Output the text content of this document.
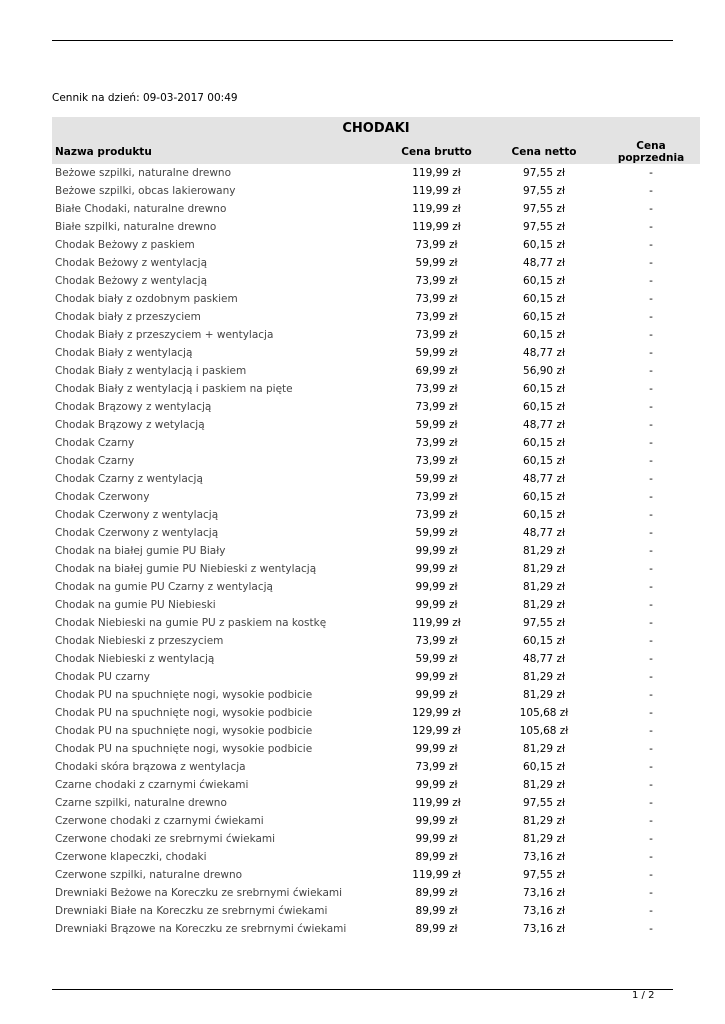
Cennik na dzień: 09-03-2017 00:49
CHODAKI
Nazwa produktu	Cena brutto	Cena netto	Cena poprzednia
Beżowe szpilki, naturalne drewno	119,99 zł	97,55 zł	-
Beżowe szpilki, obcas lakierowany	119,99 zł	97,55 zł	-
Białe Chodaki, naturalne drewno	119,99 zł	97,55 zł	-
Białe szpilki, naturalne drewno	119,99 zł	97,55 zł	-
Chodak Beżowy z paskiem	73,99 zł	60,15 zł	-
Chodak Beżowy z wentylacją	59,99 zł	48,77 zł	-
Chodak Beżowy z wentylacją	73,99 zł	60,15 zł	-
Chodak biały z ozdobnym paskiem	73,99 zł	60,15 zł	-
Chodak biały z przeszyciem	73,99 zł	60,15 zł	-
Chodak Biały z przeszyciem + wentylacja	73,99 zł	60,15 zł	-
Chodak Biały z wentylacją	59,99 zł	48,77 zł	-
Chodak Biały z wentylacją i paskiem	69,99 zł	56,90 zł	-
Chodak Biały z wentylacją i paskiem na pięte	73,99 zł	60,15 zł	-
Chodak Brązowy z wentylacją	73,99 zł	60,15 zł	-
Chodak Brązowy z wetylacją	59,99 zł	48,77 zł	-
Chodak Czarny	73,99 zł	60,15 zł	-
Chodak Czarny	73,99 zł	60,15 zł	-
Chodak Czarny z wentylacją	59,99 zł	48,77 zł	-
Chodak Czerwony	73,99 zł	60,15 zł	-
Chodak Czerwony z wentylacją	73,99 zł	60,15 zł	-
Chodak Czerwony z wentylacją	59,99 zł	48,77 zł	-
Chodak na białej gumie PU Biały	99,99 zł	81,29 zł	-
Chodak na białej gumie PU Niebieski z wentylacją	99,99 zł	81,29 zł	-
Chodak na gumie PU Czarny z wentylacją	99,99 zł	81,29 zł	-
Chodak na gumie PU Niebieski	99,99 zł	81,29 zł	-
Chodak Niebieski na gumie PU z paskiem na kostkę	119,99 zł	97,55 zł	-
Chodak Niebieski z przeszyciem	73,99 zł	60,15 zł	-
Chodak Niebieski z wentylacją	59,99 zł	48,77 zł	-
Chodak PU czarny	99,99 zł	81,29 zł	-
Chodak PU na spuchnięte nogi, wysokie podbicie	99,99 zł	81,29 zł	-
Chodak PU na spuchnięte nogi, wysokie podbicie	129,99 zł	105,68 zł	-
Chodak PU na spuchnięte nogi, wysokie podbicie	129,99 zł	105,68 zł	-
Chodak PU na spuchnięte nogi, wysokie podbicie	99,99 zł	81,29 zł	-
Chodaki skóra brązowa z wentylacja	73,99 zł	60,15 zł	-
Czarne chodaki z czarnymi ćwiekami	99,99 zł	81,29 zł	-
Czarne szpilki, naturalne drewno	119,99 zł	97,55 zł	-
Czerwone chodaki z czarnymi ćwiekami	99,99 zł	81,29 zł	-
Czerwone chodaki ze srebrnymi ćwiekami	99,99 zł	81,29 zł	-
Czerwone klapeczki, chodaki	89,99 zł	73,16 zł	-
Czerwone szpilki, naturalne drewno	119,99 zł	97,55 zł	-
Drewniaki Beżowe na Koreczku ze srebrnymi ćwiekami	89,99 zł	73,16 zł	-
Drewniaki Białe na Koreczku ze srebrnymi ćwiekami	89,99 zł	73,16 zł	-
Drewniaki Brązowe na Koreczku ze srebrnymi ćwiekami	89,99 zł	73,16 zł	-
1 / 2
